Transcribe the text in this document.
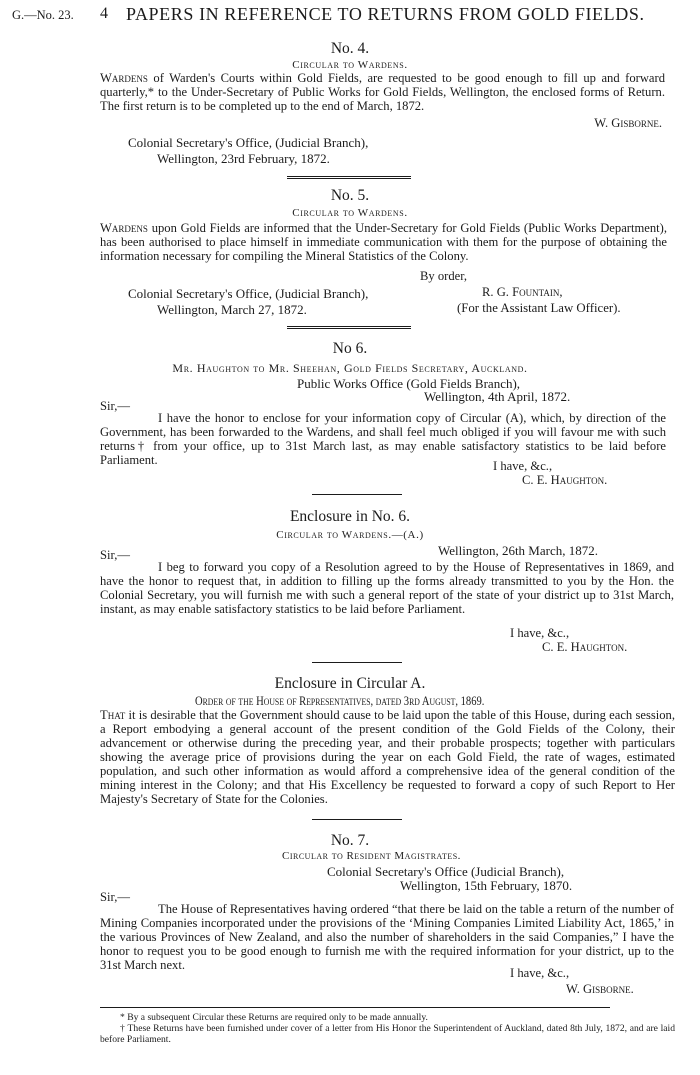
G.—No. 23. 4 PAPERS IN REFERENCE TO RETURNS FROM GOLD FIELDS.
No. 4.
Circular to Wardens.

Wardens of Warden's Courts within Gold Fields, are requested to be good enough to fill up and forward quarterly,* to the Under-Secretary of Public Works for Gold Fields, Wellington, the enclosed forms of Return. The first return is to be completed up to the end of March, 1872.

W. Gisborne.
Colonial Secretary's Office, (Judicial Branch),
Wellington, 23rd February, 1872.
No. 5.
Circular to Wardens.

Wardens upon Gold Fields are informed that the Under-Secretary for Gold Fields (Public Works Department), has been authorised to place himself in immediate communication with them for the purpose of obtaining the information necessary for compiling the Mineral Statistics of the Colony.

By order,
Colonial Secretary's Office, (Judicial Branch),
Wellington, March 27, 1872.
R. G. Fountain,
(For the Assistant Law Officer).
No 6.
Mr. Haughton to Mr. Sheehan, Gold Fields Secretary, Auckland.
Public Works Office (Gold Fields Branch),
Wellington, 4th April, 1872.
Sir,—

I have the honor to enclose for your information copy of Circular (A), which, by direction of the Government, has been forwarded to the Wardens, and shall feel much obliged if you will favour me with such returns† from your office, up to 31st March last, as may enable satisfactory statistics to be laid before Parliament.	I have, &c.,
C. E. Haughton.
Enclosure in No. 6.
Circular to Wardens.—(A.)
Wellington, 26th March, 1872.
Sir,—

I beg to forward you copy of a Resolution agreed to by the House of Representatives in 1869, and have the honor to request that, in addition to filling up the forms already transmitted to you by the Hon. the Colonial Secretary, you will furnish me with such a general report of the state of your district up to 31st March, instant, as may enable satisfactory statistics to be laid before Parliament.

I have, &c.,
C. E. Haughton.
Enclosure in Circular A.
Order of the House of Representatives, dated 3rd August, 1869.

That it is desirable that the Government should cause to be laid upon the table of this House, during each session, a Report embodying a general account of the present condition of the Gold Fields of the Colony, their advancement or otherwise during the preceding year, and their probable prospects; together with particulars showing the average price of provisions during the year on each Gold Field, the rate of wages, estimated population, and such other information as would afford a comprehensive idea of the general condition of the mining interest in the Colony; and that His Excellency be requested to forward a copy of such Report to Her Majesty's Secretary of State for the Colonies.

No. 7.
Circular to Resident Magistrates.
Colonial Secretary's Office (Judicial Branch),
Wellington, 15th February, 1870.
Sir,—

The House of Representatives having ordered “that there be laid on the table a return of the number of Mining Companies incorporated under the provisions of the ‘Mining Companies Limited Liability Act, 1865,’ in the various Provinces of New Zealand, and also the number of shareholders in the said Companies,” I have the honor to request you to be good enough to furnish me with the required information for your district, up to the 31st March next.

I have, &c.,
W. Gisborne.

* By a subsequent Circular these Returns are required only to be made annually.

† These Returns have been furnished under cover of a letter from His Honor the Superintendent of Auckland, dated 8th July, 1872, and are laid before Parliament.
